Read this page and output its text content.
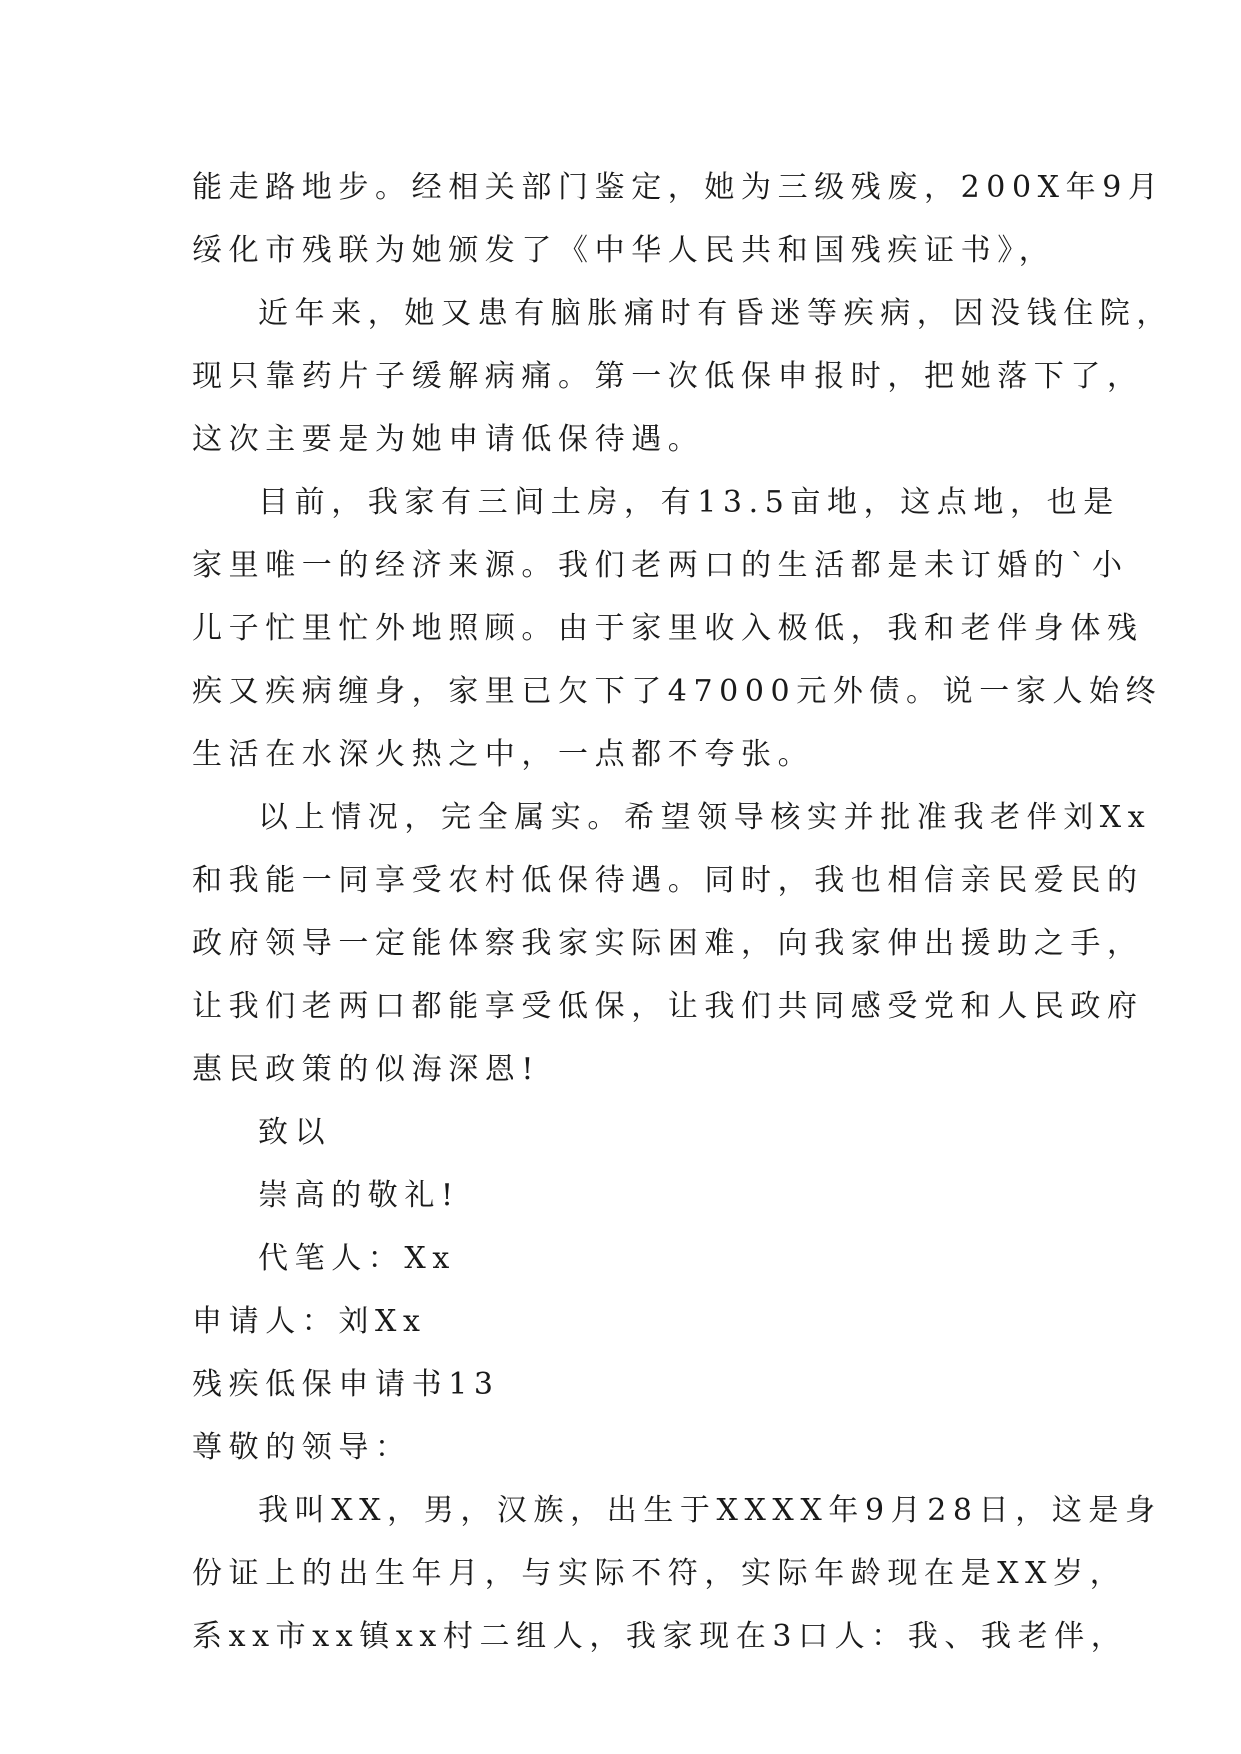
能走路地步。经相关部门鉴定，她为三级残废，200X年9月
绥化市残联为她颁发了《中华人民共和国残疾证书》，
近年来，她又患有脑胀痛时有昏迷等疾病，因没钱住院，
现只靠药片子缓解病痛。第一次低保申报时，把她落下了，
这次主要是为她申请低保待遇。
目前，我家有三间土房，有13.5亩地，这点地，也是
家里唯一的经济来源。我们老两口的生活都是未订婚的`小
儿子忙里忙外地照顾。由于家里收入极低，我和老伴身体残
疾又疾病缠身，家里已欠下了47000元外债。说一家人始终
生活在水深火热之中，一点都不夸张。
以上情况，完全属实。希望领导核实并批准我老伴刘Xx
和我能一同享受农村低保待遇。同时，我也相信亲民爱民的
政府领导一定能体察我家实际困难，向我家伸出援助之手，
让我们老两口都能享受低保，让我们共同感受党和人民政府
惠民政策的似海深恩!
致以
崇高的敬礼!
代笔人：Xx
申请人：刘Xx
残疾低保申请书13
尊敬的领导：
我叫XX，男，汉族，出生于XXXX年9月28日，这是身
份证上的出生年月，与实际不符，实际年龄现在是XX岁，
系xx市xx镇xx村二组人，我家现在3口人：我、我老伴，
